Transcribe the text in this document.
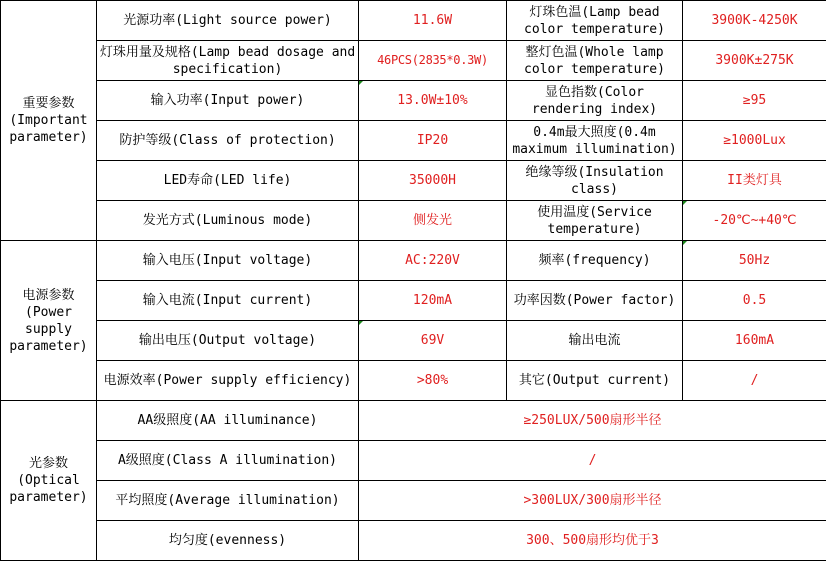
重要参数
(Important parameter)	光源功率(Light source power)	11.6W	灯珠色温(Lamp bead color temperature)	3900K-4250K
	灯珠用量及规格(Lamp bead dosage and specification)	46PCS(2835*0.3W)	整灯色温(Whole lamp color temperature)	3900K±275K
	输入功率(Input power)	13.0W±10%	显色指数(Color rendering index)	≥95
	防护等级(Class of protection)	IP20	0.4m最大照度(0.4m maximum illumination)	≥1000Lux
	LED寿命(LED life)	35000H	绝缘等级(Insulation class)	II类灯具
	发光方式(Luminous mode)	侧发光	使用温度(Service temperature)	-20℃~+40℃
电源参数
(Power supply parameter)	输入电压(Input voltage)	AC:220V	频率(frequency)	50Hz
	输入电流(Input current)	120mA	功率因数(Power factor)	0.5
	输出电压(Output voltage)	69V	输出电流	160mA
	电源效率(Power supply efficiency)	>80%	其它(Output current)	/
光参数
(Optical parameter)	AA级照度(AA illuminance)	≥250LUX/500扇形半径		
	A级照度(Class A illumination)	/		
	平均照度(Average illumination)	>300LUX/300扇形半径		
	均匀度(evenness)	300、500扇形均优于3		
